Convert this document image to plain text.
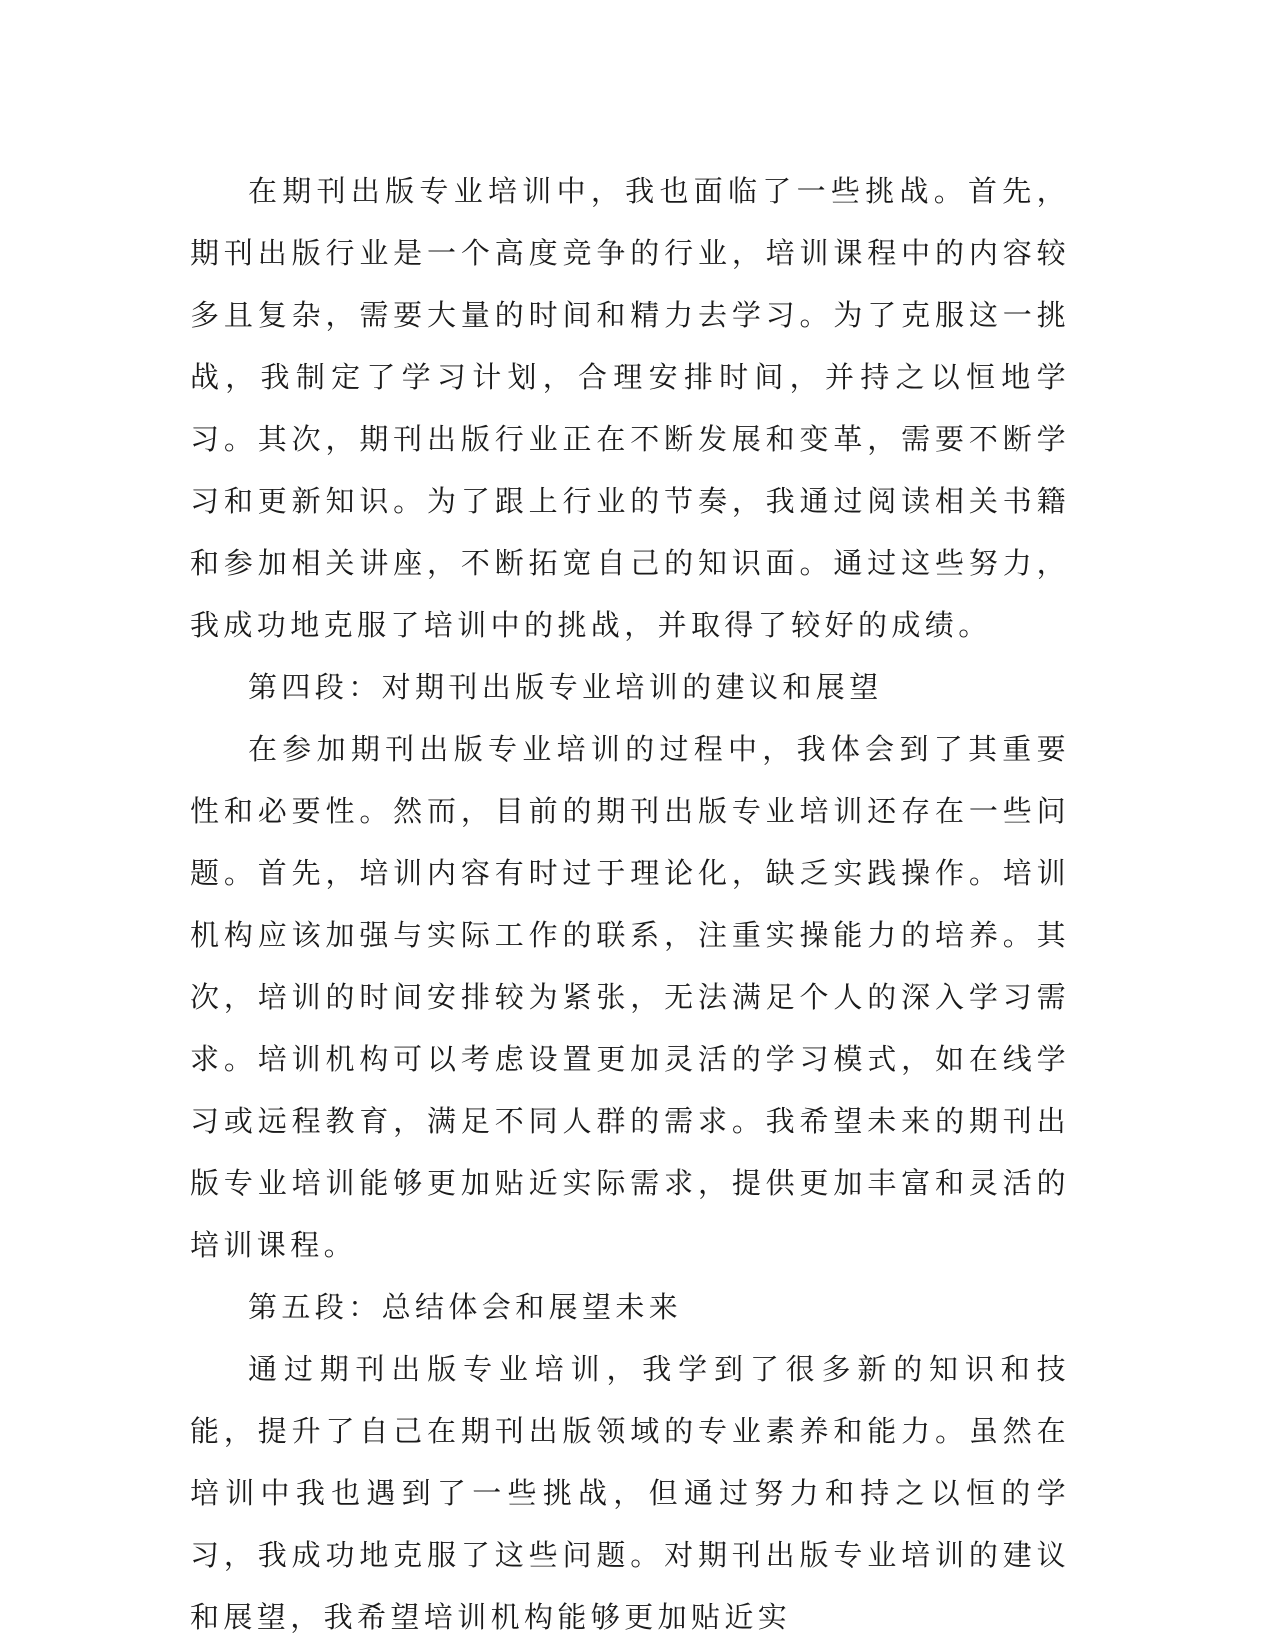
在期刊出版专业培训中，我也面临了一些挑战。首先，期刊出版行业是一个高度竞争的行业，培训课程中的内容较多且复杂，需要大量的时间和精力去学习。为了克服这一挑战，我制定了学习计划，合理安排时间，并持之以恒地学习。其次，期刊出版行业正在不断发展和变革，需要不断学习和更新知识。为了跟上行业的节奏，我通过阅读相关书籍和参加相关讲座，不断拓宽自己的知识面。通过这些努力，我成功地克服了培训中的挑战，并取得了较好的成绩。

第四段：对期刊出版专业培训的建议和展望

在参加期刊出版专业培训的过程中，我体会到了其重要性和必要性。然而，目前的期刊出版专业培训还存在一些问题。首先，培训内容有时过于理论化，缺乏实践操作。培训机构应该加强与实际工作的联系，注重实操能力的培养。其次，培训的时间安排较为紧张，无法满足个人的深入学习需求。培训机构可以考虑设置更加灵活的学习模式，如在线学习或远程教育，满足不同人群的需求。我希望未来的期刊出版专业培训能够更加贴近实际需求，提供更加丰富和灵活的培训课程。

第五段：总结体会和展望未来

通过期刊出版专业培训，我学到了很多新的知识和技能，提升了自己在期刊出版领域的专业素养和能力。虽然在培训中我也遇到了一些挑战，但通过努力和持之以恒的学习，我成功地克服了这些问题。对期刊出版专业培训的建议和展望，我希望培训机构能够更加贴近实
